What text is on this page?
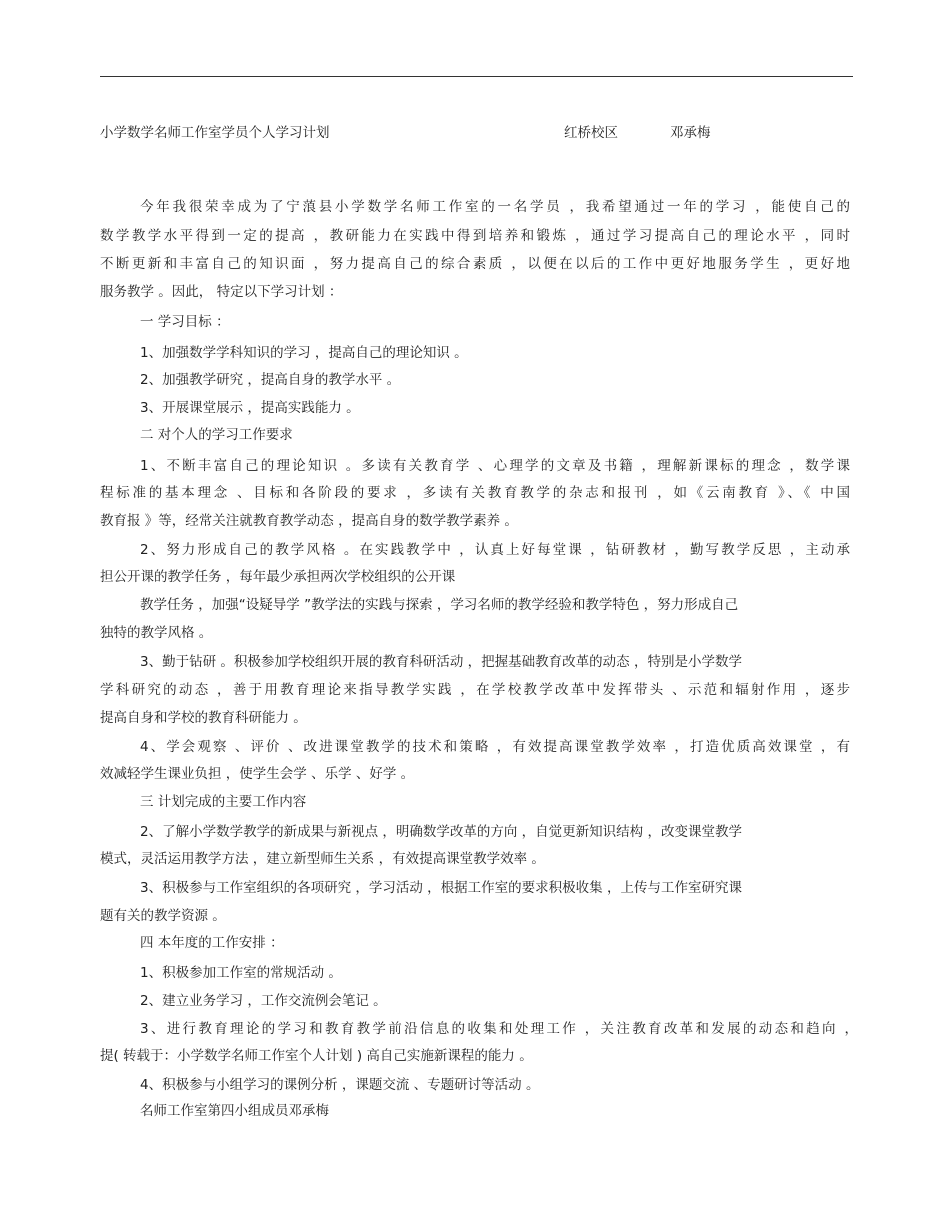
小学数学名师工作室学员个人学习计划	红桥校区	邓承梅
今年我很荣幸成为了宁蒗县小学数学名师工作室的一名学员 ，我希望通过一年的学习 ，能使自己的
数学教学水平得到一定的提高 ，教研能力在实践中得到培养和锻炼 ，通过学习提高自己的理论水平 ，同时
不断更新和丰富自己的知识面 ，努力提高自己的综合素质 ，以便在以后的工作中更好地服务学生 ，更好地
服务教学 。因此， 特定以下学习计划 ：
一 学习目标 ：
1、加强数学学科知识的学习 ，提高自己的理论知识 。
2、加强教学研究 ，提高自身的教学水平 。
3、开展课堂展示 ，提高实践能力 。
二 对个人的学习工作要求
1、不断丰富自己的理论知识 。多读有关教育学 、心理学的文章及书籍 ，理解新课标的理念 ，数学课
程标准的基本理念 、目标和各阶段的要求 ，多读有关教育教学的杂志和报刊 ，如《云南教育 》、《 中国
教育报 》等，经常关注就教育教学动态 ，提高自身的数学教学素养 。
2、努力形成自己的教学风格 。在实践教学中 ，认真上好每堂课 ，钻研教材 ，勤写教学反思 ，主动承
担公开课的教学任务 ，每年最少承担两次学校组织的公开课
教学任务 ，加强“设疑导学 ”教学法的实践与探索 ，学习名师的教学经验和教学特色 ，努力形成自己
独特的教学风格 。
3、勤于钻研 。积极参加学校组织开展的教育科研活动 ，把握基础教育改革的动态 ，特别是小学数学
学科研究的动态 ，善于用教育理论来指导教学实践 ，在学校教学改革中发挥带头 、示范和辐射作用 ，逐步
提高自身和学校的教育科研能力 。
4、学会观察 、评价 、改进课堂教学的技术和策略 ，有效提高课堂教学效率 ，打造优质高效课堂 ，有
效减轻学生课业负担 ，使学生会学 、乐学 、好学 。
三 计划完成的主要工作内容
2、了解小学数学教学的新成果与新视点 ，明确数学改革的方向 ，自觉更新知识结构 ，改变课堂教学
模式，灵活运用教学方法 ，建立新型师生关系 ，有效提高课堂教学效率 。
3、积极参与工作室组织的各项研究 ，学习活动 ，根据工作室的要求积极收集 ，上传与工作室研究课
题有关的教学资源 。
四 本年度的工作安排 ：
1、积极参加工作室的常规活动 。
2、建立业务学习 ，工作交流例会笔记 。
3、进行教育理论的学习和教育教学前沿信息的收集和处理工作 ，关注教育改革和发展的动态和趋向 ，
提( 转载于：小学数学名师工作室个人计划 ) 高自己实施新课程的能力 。
4、积极参与小组学习的课例分析 ，课题交流 、专题研讨等活动 。
名师工作室第四小组成员邓承梅
